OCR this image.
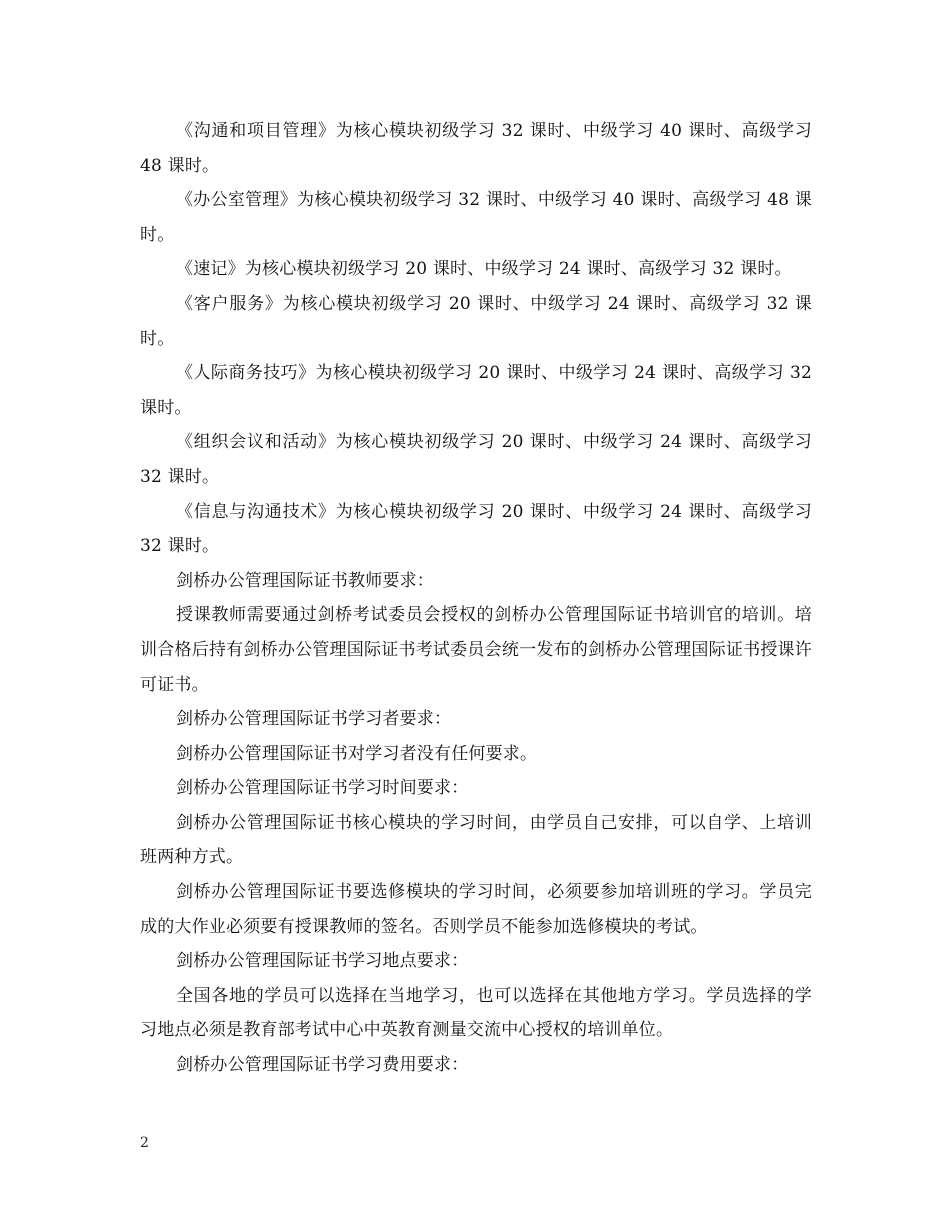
《沟通和项目管理》为核心模块初级学习 32 课时、中级学习 40 课时、高级学习 48 课时。

《办公室管理》为核心模块初级学习 32 课时、中级学习 40 课时、高级学习 48 课时。

《速记》为核心模块初级学习 20 课时、中级学习 24 课时、高级学习 32 课时。

《客户服务》为核心模块初级学习 20 课时、中级学习 24 课时、高级学习 32 课时。

《人际商务技巧》为核心模块初级学习 20 课时、中级学习 24 课时、高级学习 32 课时。

《组织会议和活动》为核心模块初级学习 20 课时、中级学习 24 课时、高级学习 32 课时。

《信息与沟通技术》为核心模块初级学习 20 课时、中级学习 24 课时、高级学习 32 课时。

剑桥办公管理国际证书教师要求：

授课教师需要通过剑桥考试委员会授权的剑桥办公管理国际证书培训官的培训。培训合格后持有剑桥办公管理国际证书考试委员会统一发布的剑桥办公管理国际证书授课许可证书。

剑桥办公管理国际证书学习者要求：

剑桥办公管理国际证书对学习者没有任何要求。

剑桥办公管理国际证书学习时间要求：

剑桥办公管理国际证书核心模块的学习时间，由学员自己安排，可以自学、上培训班两种方式。

剑桥办公管理国际证书要选修模块的学习时间，必须要参加培训班的学习。学员完成的大作业必须要有授课教师的签名。否则学员不能参加选修模块的考试。

剑桥办公管理国际证书学习地点要求：

全国各地的学员可以选择在当地学习，也可以选择在其他地方学习。学员选择的学习地点必须是教育部考试中心中英教育测量交流中心授权的培训单位。

剑桥办公管理国际证书学习费用要求：

2
